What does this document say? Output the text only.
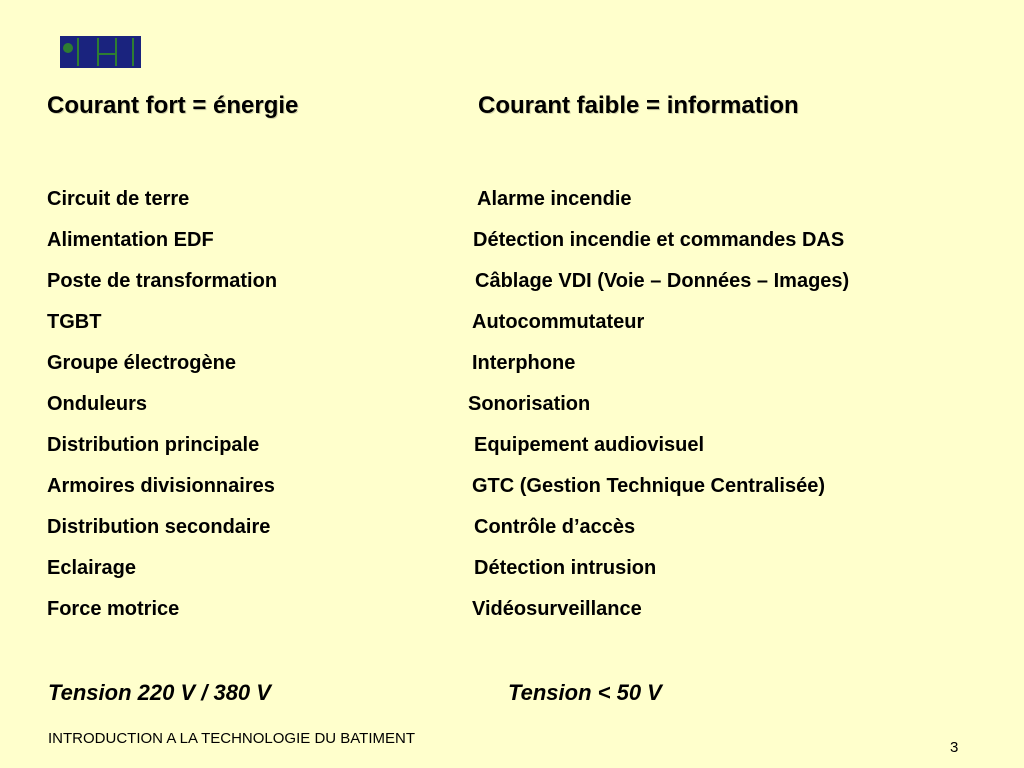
Courant fort = énergie	Courant faible = information
Circuit de terre
Alimentation EDF
Poste de transformation
TGBT
Groupe électrogène
Onduleurs
Distribution principale
Armoires divisionnaires
Distribution secondaire
Eclairage
Force motrice
Alarme incendie
Détection incendie et commandes DAS
Câblage VDI (Voie – Données – Images)
Autocommutateur
Interphone
Sonorisation
Equipement audiovisuel
GTC (Gestion Technique Centralisée)
Contrôle d’accès
Détection intrusion
Vidéosurveillance
Tension 220 V / 380 V	Tension < 50 V
INTRODUCTION A LA TECHNOLOGIE DU BATIMENT
3
